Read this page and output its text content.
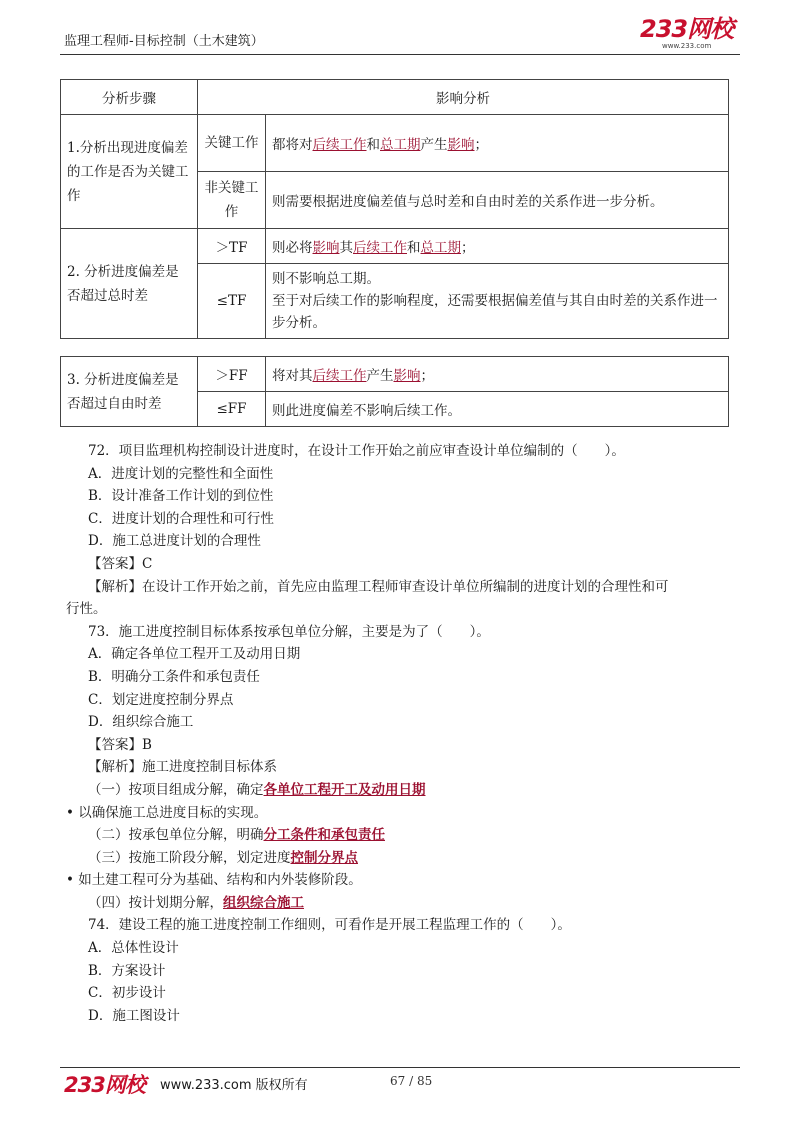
监理工程师-目标控制（土木建筑）	233网校
www.233.com
分析步骤	影响分析	
1.分析出现进度偏差的工作是否为关键工作	关键工作	都将对后续工作和总工期产生影响；
	非关键工作	则需要根据进度偏差值与总时差和自由时差的关系作进一步分析。
2. 分析进度偏差是否超过总时差	＞TF	则必将影响其后续工作和总工期；
	≤TF	则不影响总工期。
至于对后续工作的影响程度，还需要根据偏差值与其自由时差的关系作进一步分析。
3. 分析进度偏差是否超过自由时差	＞FF	将对其后续工作产生影响；
	≤FF	则此进度偏差不影响后续工作。
72．项目监理机构控制设计进度时，在设计工作开始之前应审查设计单位编制的（　　）。
A．进度计划的完整性和全面性
B．设计准备工作计划的到位性
C．进度计划的合理性和可行性
D．施工总进度计划的合理性
【答案】C
【解析】在设计工作开始之前，首先应由监理工程师审查设计单位所编制的进度计划的合理性和可
行性。
73．施工进度控制目标体系按承包单位分解，主要是为了（　　）。
A．确定各单位工程开工及动用日期
B．明确分工条件和承包责任
C．划定进度控制分界点
D．组织综合施工
【答案】B
【解析】施工进度控制目标体系
（一）按项目组成分解，确定各单位工程开工及动用日期
• 以确保施工总进度目标的实现。
（二）按承包单位分解，明确分工条件和承包责任
（三）按施工阶段分解，划定进度控制分界点
• 如土建工程可分为基础、结构和内外装修阶段。
（四）按计划期分解，组织综合施工
74．建设工程的施工进度控制工作细则，可看作是开展工程监理工作的（　　）。
A．总体性设计
B．方案设计
C．初步设计
D．施工图设计
233网校 www.233.com 版权所有	67 / 85
